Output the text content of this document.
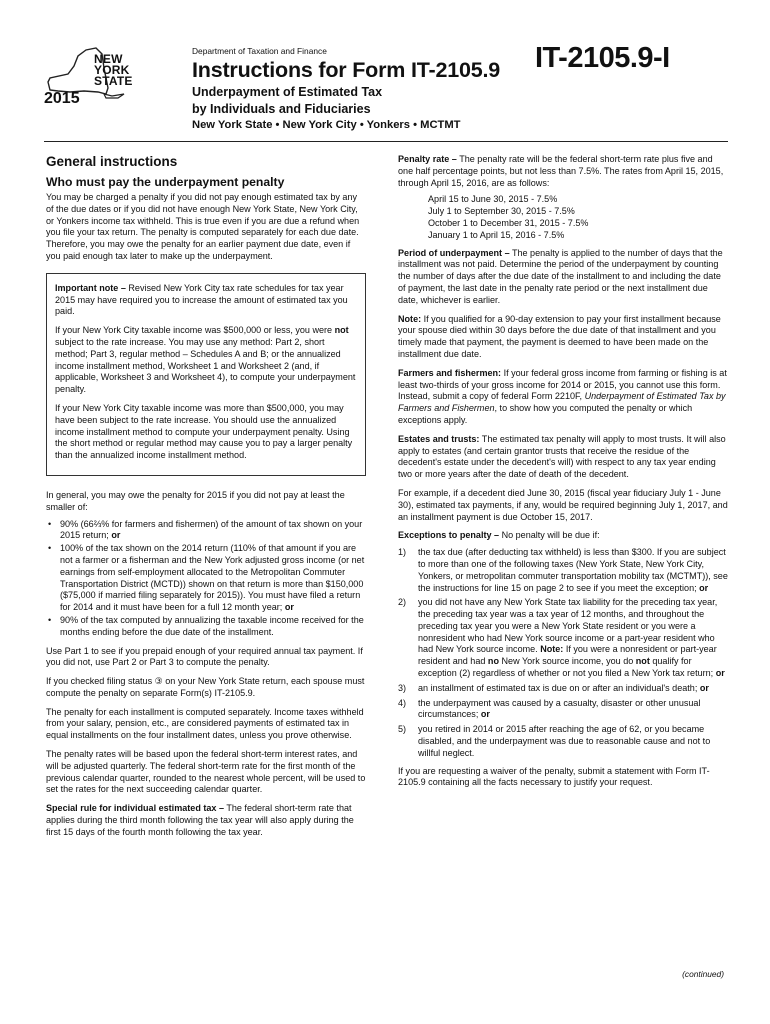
NEW
YORK
STATE
2015
Department of Taxation and Finance
Instructions for Form IT-2105.9 IT-2105.9-I
Underpayment of Estimated Tax
by Individuals and Fiduciaries
New York State • New York City • Yonkers • MCTMT
General instructions
Who must pay the underpayment penalty

You may be charged a penalty if you did not pay enough estimated tax by any of the due dates or if you did not have enough New York State, New York City, or Yonkers income tax withheld. This is true even if you are due a refund when you file your tax return. The penalty is computed separately for each due date. Therefore, you may owe the penalty for an earlier payment due date, even if you paid enough tax later to make up the underpayment.

Important note – Revised New York City tax rate schedules for tax year 2015 may have required you to increase the amount of estimated tax you paid.

If your New York City taxable income was $500,000 or less, you were not subject to the rate increase. You may use any method: Part 2, short method; Part 3, regular method – Schedules A and B; or the annualized income installment method, Worksheet 1 and Worksheet 2 (and, if applicable, Worksheet 3 and Worksheet 4), to compute your underpayment penalty.

If your New York City taxable income was more than $500,000, you may have been subject to the rate increase. You should use the annualized income installment method to compute your underpayment penalty. Using the short method or regular method may cause you to pay a larger penalty than the annualized income installment method.

In general, you may owe the penalty for 2015 if you did not pay at least the smaller of:

• 90% (66⅔% for farmers and fishermen) of the amount of tax shown on your 2015 return; or
• 100% of the tax shown on the 2014 return (110% of that amount if you are not a farmer or a fisherman and the New York adjusted gross income (or net earnings from self-employment allocated to the Metropolitan Commuter Transportation District (MCTD)) shown on that return is more than $150,000 ($75,000 if married filing separately for 2015)). You must have filed a return for 2014 and it must have been for a full 12 month year; or
• 90% of the tax computed by annualizing the taxable income received for the months ending before the due date of the installment.

Use Part 1 to see if you prepaid enough of your required annual tax payment. If you did not, use Part 2 or Part 3 to compute the penalty.

If you checked filing status ③ on your New York State return, each spouse must compute the penalty on separate Form(s) IT-2105.9.

The penalty for each installment is computed separately. Income taxes withheld from your salary, pension, etc., are considered payments of estimated tax in equal installments on the four installment dates, unless you prove otherwise.

The penalty rates will be based upon the federal short-term interest rates, and will be adjusted quarterly. The federal short-term rate for the first month of the previous calendar quarter, rounded to the nearest whole percent, will be used to set the rates for the next succeeding calendar quarter.

Special rule for individual estimated tax – The federal short-term rate that applies during the third month following the tax year will also apply during the first 15 days of the fourth month following the tax year.

Penalty rate – The penalty rate will be the federal short-term rate plus five and one half percentage points, but not less than 7.5%. The rates from April 15, 2015, through April 15, 2016, are as follows:

April 15 to June 30, 2015 - 7.5%
July 1 to September 30, 2015 - 7.5%
October 1 to December 31, 2015 - 7.5%
January 1 to April 15, 2016 - 7.5%

Period of underpayment – The penalty is applied to the number of days that the installment was not paid. Determine the period of the underpayment by counting the number of days after the due date of the installment to and including the date of payment, the last date in the penalty rate period or the next installment due date, whichever is earlier.

Note: If you qualified for a 90-day extension to pay your first installment because your spouse died within 30 days before the due date of that installment and you timely made that payment, the payment is deemed to have been made on the installment due date.

Farmers and fishermen: If your federal gross income from farming or fishing is at least two-thirds of your gross income for 2014 or 2015, you cannot use this form. Instead, submit a copy of federal Form 2210F, Underpayment of Estimated Tax by Farmers and Fishermen, to show how you computed the penalty or which exceptions apply.

Estates and trusts: The estimated tax penalty will apply to most trusts. It will also apply to estates (and certain grantor trusts that receive the residue of the decedent's estate under the decedent's will) with respect to any tax year ending two or more years after the date of death of the decedent.

For example, if a decedent died June 30, 2015 (fiscal year fiduciary July 1 - June 30), estimated tax payments, if any, would be required beginning July 1, 2017, and an installment payment is due October 15, 2017.

Exceptions to penalty – No penalty will be due if:

1) the tax due (after deducting tax withheld) is less than $300. If you are subject to more than one of the following taxes (New York State, New York City, Yonkers, or metropolitan commuter transportation mobility tax (MCTMT)), see the instructions for line 15 on page 2 to see if you meet the exception; or
2) you did not have any New York State tax liability for the preceding tax year, the preceding tax year was a tax year of 12 months, and throughout the preceding tax year you were a New York State resident or you were a nonresident who had New York source income or a part-year resident who had New York source income. Note: If you were a nonresident or part-year resident and had no New York source income, you do not qualify for exception (2) regardless of whether or not you filed a New York tax return; or
3) an installment of estimated tax is due on or after an individual's death; or
4) the underpayment was caused by a casualty, disaster or other unusual circumstances; or
5) you retired in 2014 or 2015 after reaching the age of 62, or you became disabled, and the underpayment was due to reasonable cause and not to willful neglect.

If you are requesting a waiver of the penalty, submit a statement with Form IT-2105.9 containing all the facts necessary to justify your request.

(continued)
